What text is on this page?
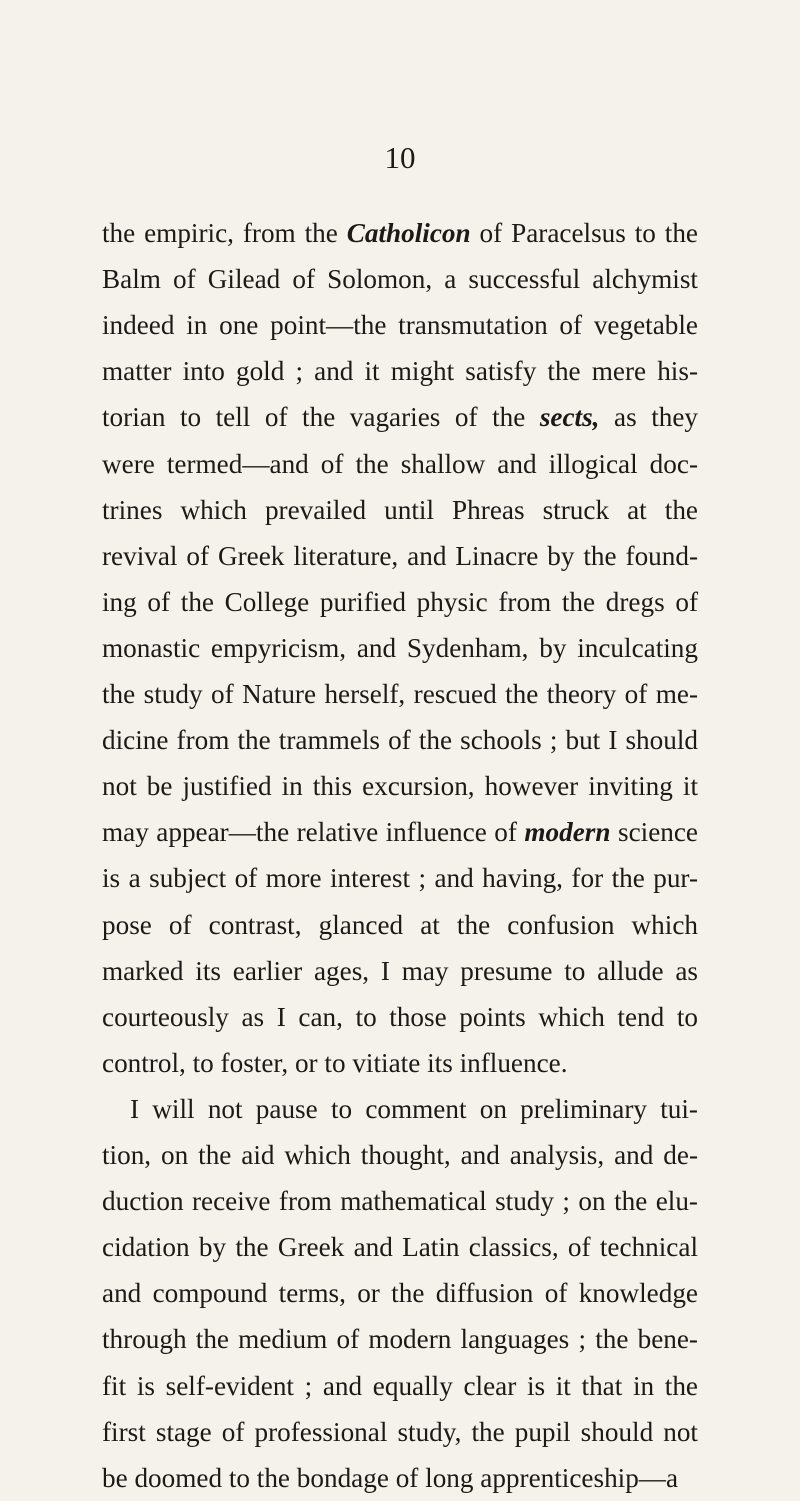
10
the empiric, from the Catholicon of Paracelsus to the
Balm of Gilead of Solomon, a successful alchymist
indeed in one point—the transmutation of vegetable
matter into gold ; and it might satisfy the mere his-
torian to tell of the vagaries of the sects, as they
were termed—and of the shallow and illogical doc-
trines which prevailed until Phreas struck at the
revival of Greek literature, and Linacre by the found-
ing of the College purified physic from the dregs of
monastic empyricism, and Sydenham, by inculcating
the study of Nature herself, rescued the theory of me-
dicine from the trammels of the schools ; but I should
not be justified in this excursion, however inviting it
may appear—the relative influence of modern science
is a subject of more interest ; and having, for the pur-
pose of contrast, glanced at the confusion which
marked its earlier ages, I may presume to allude as
courteously as I can, to those points which tend to
control, to foster, or to vitiate its influence.
I will not pause to comment on preliminary tui-
tion, on the aid which thought, and analysis, and de-
duction receive from mathematical study ; on the elu-
cidation by the Greek and Latin classics, of technical
and compound terms, or the diffusion of knowledge
through the medium of modern languages ; the bene-
fit is self-evident ; and equally clear is it that in the
first stage of professional study, the pupil should not
be doomed to the bondage of long apprenticeship—a
